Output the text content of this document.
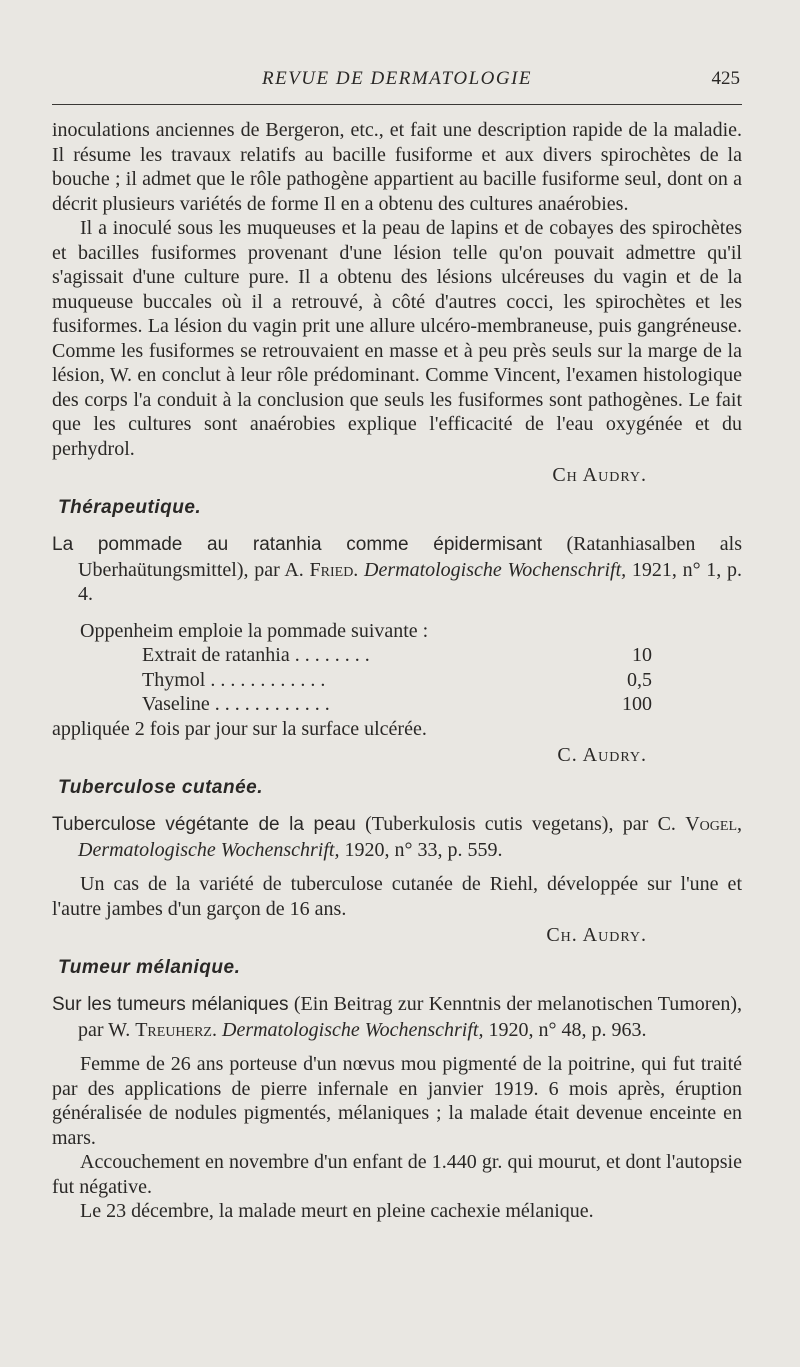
REVUE DE DERMATOLOGIE	425

inoculations anciennes de Bergeron, etc., et fait une description rapide de la maladie. Il résume les travaux relatifs au bacille fusiforme et aux divers spirochètes de la bouche ; il admet que le rôle pathogène appartient au bacille fusiforme seul, dont on a décrit plusieurs variétés de forme Il en a obtenu des cultures anaérobies.

Il a inoculé sous les muqueuses et la peau de lapins et de cobayes des spirochètes et bacilles fusiformes provenant d'une lésion telle qu'on pouvait admettre qu'il s'agissait d'une culture pure. Il a obtenu des lésions ulcéreuses du vagin et de la muqueuse buccales où il a retrouvé, à côté d'autres cocci, les spirochètes et les fusiformes. La lésion du vagin prit une allure ulcéro-membraneuse, puis gangréneuse. Comme les fusiformes se retrouvaient en masse et à peu près seuls sur la marge de la lésion, W. en conclut à leur rôle prédominant. Comme Vincent, l'examen histologique des corps l'a conduit à la conclusion que seuls les fusiformes sont pathogènes. Le fait que les cultures sont anaérobies explique l'efficacité de l'eau oxygénée et du perhydrol.

Ch Audry.
Thérapeutique.

La pommade au ratanhia comme épidermisant (Ratanhiasalben als Uberhaütungsmittel), par A. Fried. Dermatologische Wochenschrift, 1921, n° 1, p. 4.

Oppenheim emploie la pommade suivante :

Extrait de ratanhia . . . . . . . .	10
Thymol . . . . . . . . . . . .	0,5
Vaseline . . . . . . . . . . . .	100

appliquée 2 fois par jour sur la surface ulcérée.

C. Audry.
Tuberculose cutanée.

Tuberculose végétante de la peau (Tuberkulosis cutis vegetans), par C. Vogel, Dermatologische Wochenschrift, 1920, n° 33, p. 559.

Un cas de la variété de tuberculose cutanée de Riehl, développée sur l'une et l'autre jambes d'un garçon de 16 ans.

Ch. Audry.
Tumeur mélanique.

Sur les tumeurs mélaniques (Ein Beitrag zur Kenntnis der melanotischen Tumoren), par W. Treuherz. Dermatologische Wochenschrift, 1920, n° 48, p. 963.

Femme de 26 ans porteuse d'un nœvus mou pigmenté de la poitrine, qui fut traité par des applications de pierre infernale en janvier 1919. 6 mois après, éruption généralisée de nodules pigmentés, mélaniques ; la malade était devenue enceinte en mars.

Accouchement en novembre d'un enfant de 1.440 gr. qui mourut, et dont l'autopsie fut négative.

Le 23 décembre, la malade meurt en pleine cachexie mélanique.
